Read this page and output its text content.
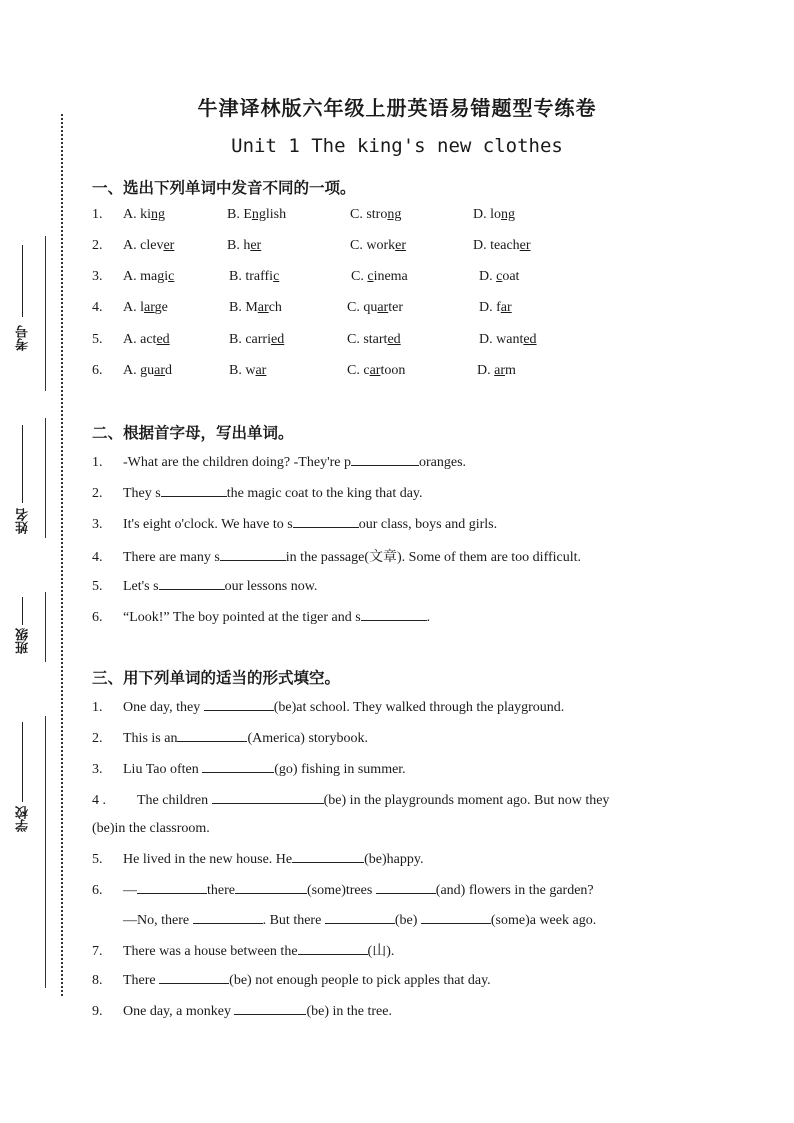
考号
姓名
班级
学校
牛津译林版六年级上册英语易错题型专练卷
Unit 1 The king's new clothes
一、选出下列单词中发音不同的一项。
1. A. king	B. English	C. strong	D. long
2. A. clever	B. her	C. worker	D. teacher
3. A. magic	B. traffic	C. cinema	D. coat
4. A. large	B. March	C. quarter	D. far
5. A. acted	B. carried	C. started	D. wanted
6. A. guard	B. war	C. cartoon	D. arm
二、根据首字母，写出单词。
1. -What are the children doing? -They're p	oranges.
2. They s	the magic coat to the king that day.
3. It's eight o'clock. We have to s	our class, boys and girls.
4. There are many s	in the passage(文章). Some of them are too difficult.
5. Let's s	our lessons now.
6. “Look!” The boy pointed at the tiger and s	.
三、用下列单词的适当的形式填空。
1. One day, they	(be)at school. They walked through the playground.
2. This is an	(America) storybook.
3. Liu Tao often	(go) fishing in summer.
4 . The children	(be) in the playgrounds moment ago. But now they
(be)in the classroom.
5. He lived in the new house. He	(be)happy.
6. —	there	(some)trees	(and) flowers in the garden?
—No, there	. But there	(be)	(some)a week ago.
7. There was a house between the	(山).
8. There	(be) not enough people to pick apples that day.
9. One day, a monkey	(be) in the tree.
